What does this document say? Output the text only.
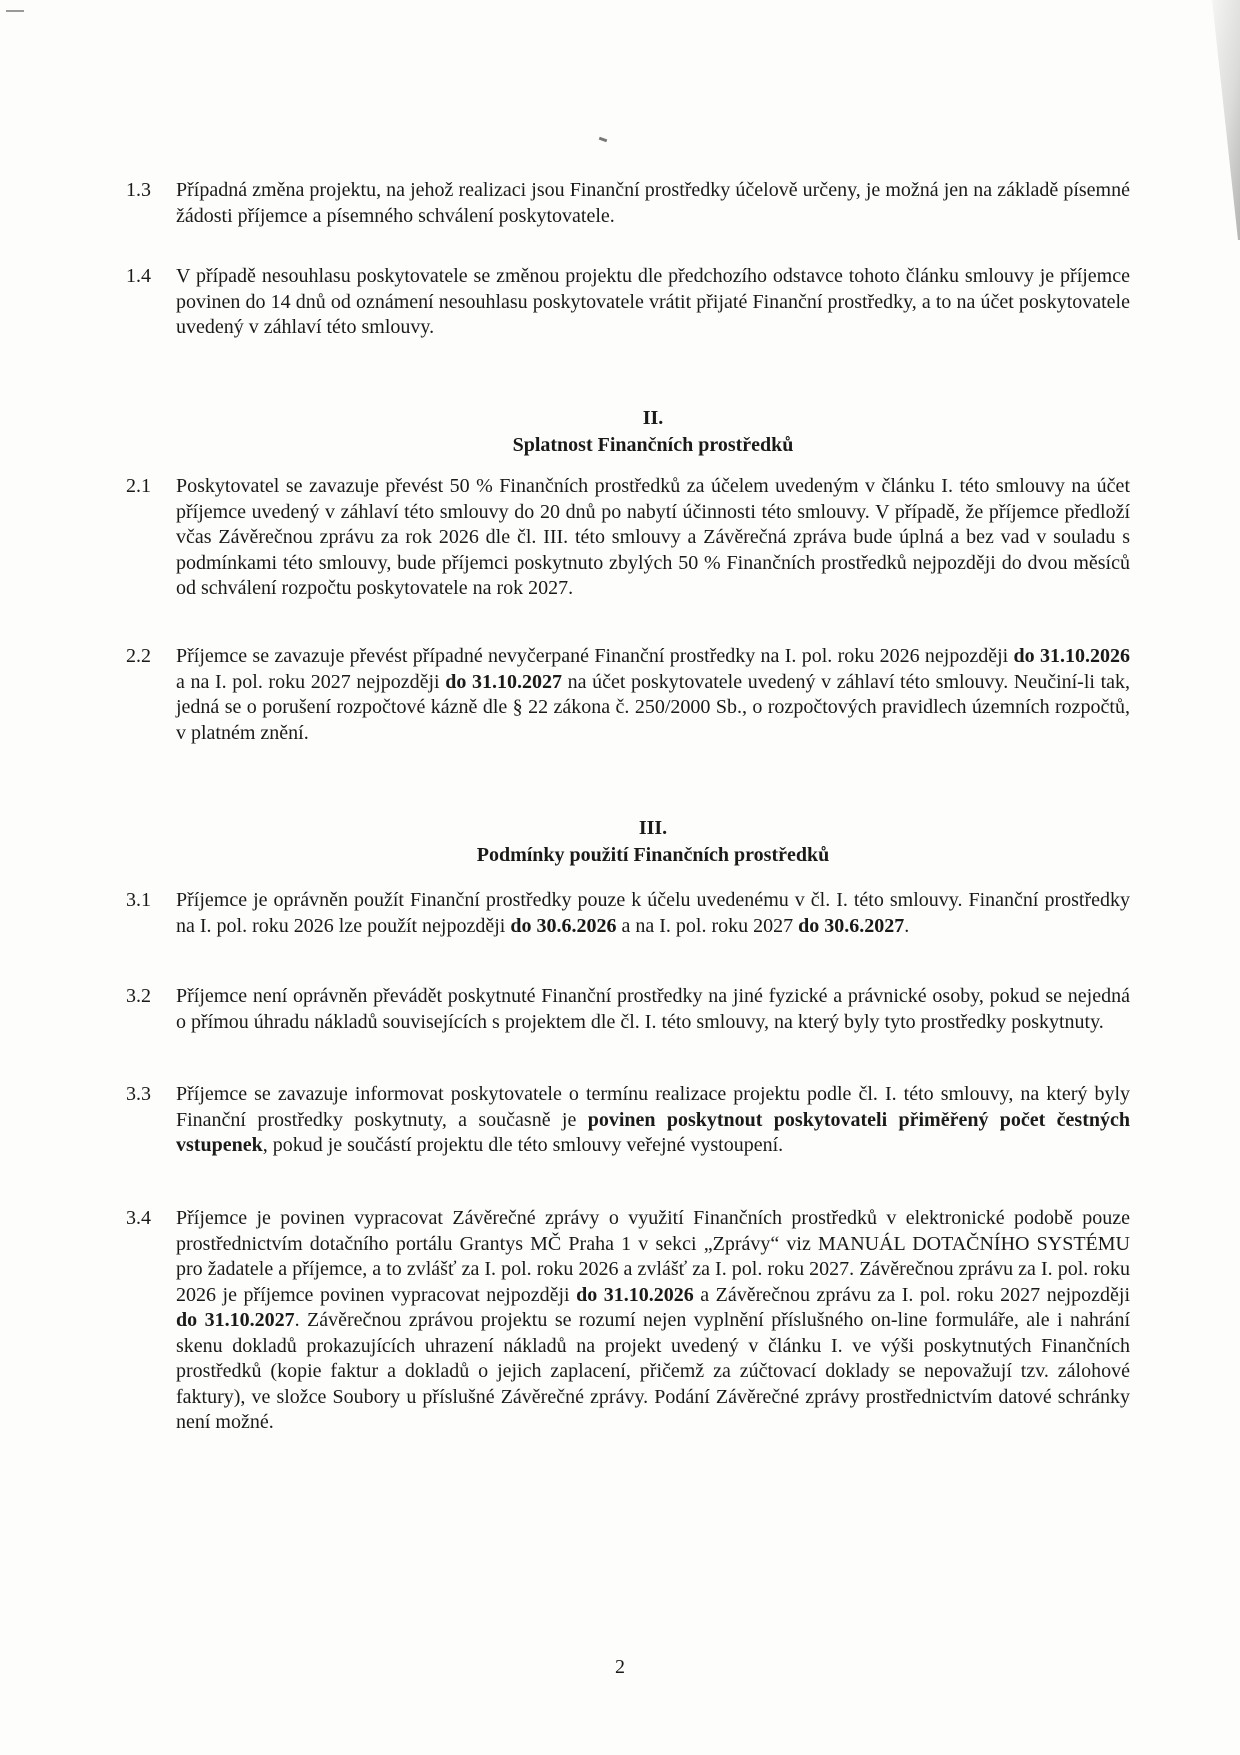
1.3	Případná změna projektu, na jehož realizaci jsou Finanční prostředky účelově určeny, je možná jen na základě písemné žádosti příjemce a písemného schválení poskytovatele.

1.4	V případě nesouhlasu poskytovatele se změnou projektu dle předchozího odstavce tohoto článku smlouvy je příjemce povinen do 14 dnů od oznámení nesouhlasu poskytovatele vrátit přijaté Finanční prostředky, a to na účet poskytovatele uvedený v záhlaví této smlouvy.

II.
Splatnost Finančních prostředků
2.1	Poskytovatel se zavazuje převést 50 % Finančních prostředků za účelem uvedeným v článku I. této smlouvy na účet příjemce uvedený v záhlaví této smlouvy do 20 dnů po nabytí účinnosti této smlouvy. V případě, že příjemce předloží včas Závěrečnou zprávu za rok 2026 dle čl. III. této smlouvy a Závěrečná zpráva bude úplná a bez vad v souladu s podmínkami této smlouvy, bude příjemci poskytnuto zbylých 50 % Finančních prostředků nejpozději do dvou měsíců od schválení rozpočtu poskytovatele na rok 2027.

2.2	Příjemce se zavazuje převést případné nevyčerpané Finanční prostředky na I. pol. roku 2026 nejpozději do 31.10.2026 a na I. pol. roku 2027 nejpozději do 31.10.2027 na účet poskytovatele uvedený v záhlaví této smlouvy. Neučiní-li tak, jedná se o porušení rozpočtové kázně dle § 22 zákona č. 250/2000 Sb., o rozpočtových pravidlech územních rozpočtů, v platném znění.

III.
Podmínky použití Finančních prostředků
3.1	Příjemce je oprávněn použít Finanční prostředky pouze k účelu uvedenému v čl. I. této smlouvy. Finanční prostředky na I. pol. roku 2026 lze použít nejpozději do 30.6.2026 a na I. pol. roku 2027 do 30.6.2027.

3.2	Příjemce není oprávněn převádět poskytnuté Finanční prostředky na jiné fyzické a právnické osoby, pokud se nejedná o přímou úhradu nákladů souvisejících s projektem dle čl. I. této smlouvy, na který byly tyto prostředky poskytnuty.

3.3	Příjemce se zavazuje informovat poskytovatele o termínu realizace projektu podle čl. I. této smlouvy, na který byly Finanční prostředky poskytnuty, a současně je povinen poskytnout poskytovateli přiměřený počet čestných vstupenek, pokud je součástí projektu dle této smlouvy veřejné vystoupení.

3.4	Příjemce je povinen vypracovat Závěrečné zprávy o využití Finančních prostředků v elektronické podobě pouze prostřednictvím dotačního portálu Grantys MČ Praha 1 v sekci „Zprávy“ viz MANUÁL DOTAČNÍHO SYSTÉMU pro žadatele a příjemce, a to zvlášť za I. pol. roku 2026 a zvlášť za I. pol. roku 2027. Závěrečnou zprávu za I. pol. roku 2026 je příjemce povinen vypracovat nejpozději do 31.10.2026 a Závěrečnou zprávu za I. pol. roku 2027 nejpozději do 31.10.2027. Závěrečnou zprávou projektu se rozumí nejen vyplnění příslušného on-line formuláře, ale i nahrání skenu dokladů prokazujících uhrazení nákladů na projekt uvedený v článku I. ve výši poskytnutých Finančních prostředků (kopie faktur a dokladů o jejich zaplacení, přičemž za zúčtovací doklady se nepovažují tzv. zálohové faktury), ve složce Soubory u příslušné Závěrečné zprávy. Podání Závěrečné zprávy prostřednictvím datové schránky není možné.

2
